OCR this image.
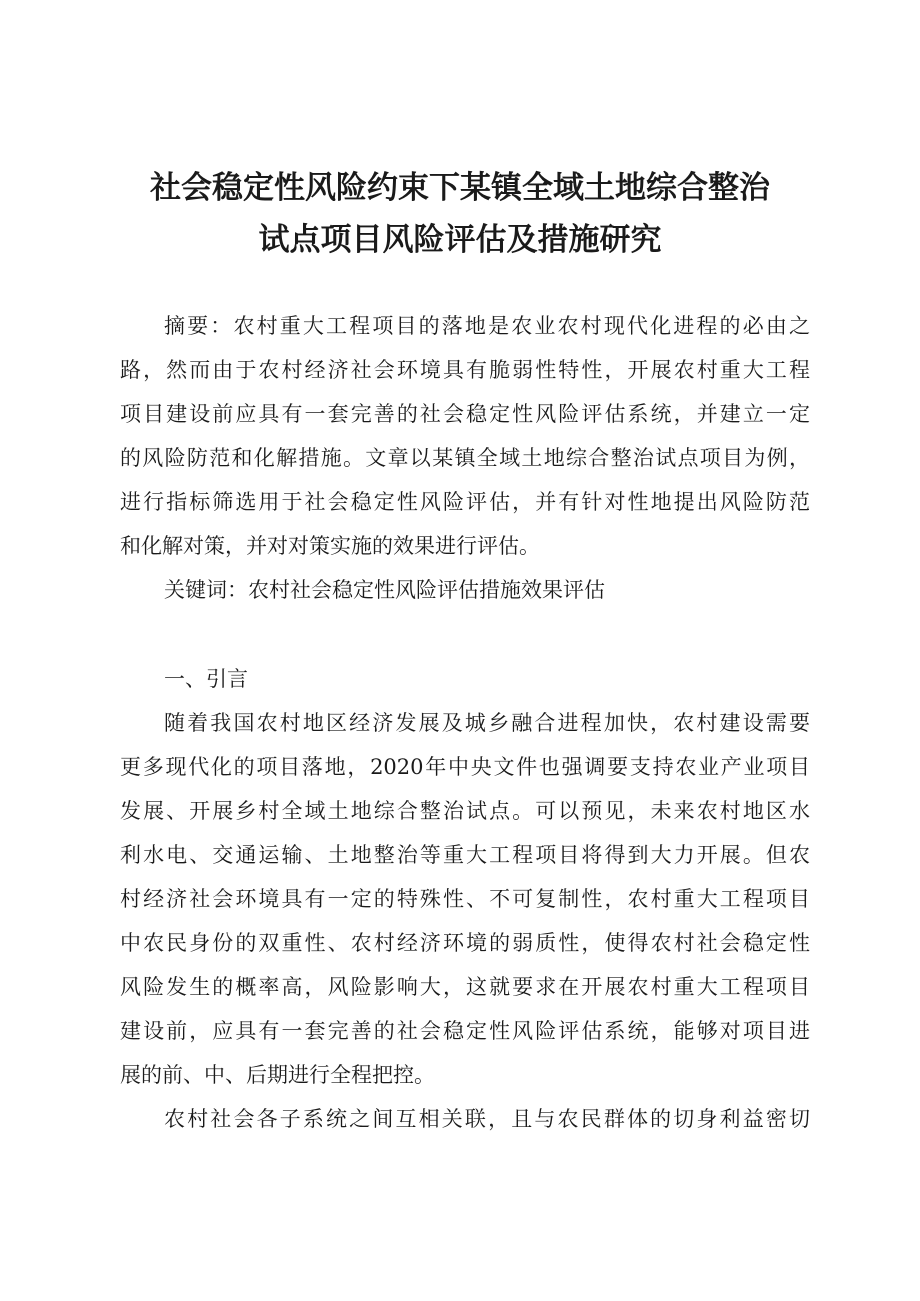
社会稳定性风险约束下某镇全域土地综合整治
试点项目风险评估及措施研究
摘要：农村重大工程项目的落地是农业农村现代化进程的必由之
路，然而由于农村经济社会环境具有脆弱性特性，开展农村重大工程
项目建设前应具有一套完善的社会稳定性风险评估系统，并建立一定
的风险防范和化解措施。文章以某镇全域土地综合整治试点项目为例，
进行指标筛选用于社会稳定性风险评估，并有针对性地提出风险防范
和化解对策，并对对策实施的效果进行评估。
关键词：农村社会稳定性风险评估措施效果评估
一、引言
随着我国农村地区经济发展及城乡融合进程加快，农村建设需要
更多现代化的项目落地，2020年中央文件也强调要支持农业产业项目
发展、开展乡村全域土地综合整治试点。可以预见，未来农村地区水
利水电、交通运输、土地整治等重大工程项目将得到大力开展。但农
村经济社会环境具有一定的特殊性、不可复制性，农村重大工程项目
中农民身份的双重性、农村经济环境的弱质性，使得农村社会稳定性
风险发生的概率高，风险影响大，这就要求在开展农村重大工程项目
建设前，应具有一套完善的社会稳定性风险评估系统，能够对项目进
展的前、中、后期进行全程把控。
农村社会各子系统之间互相关联，且与农民群体的切身利益密切
